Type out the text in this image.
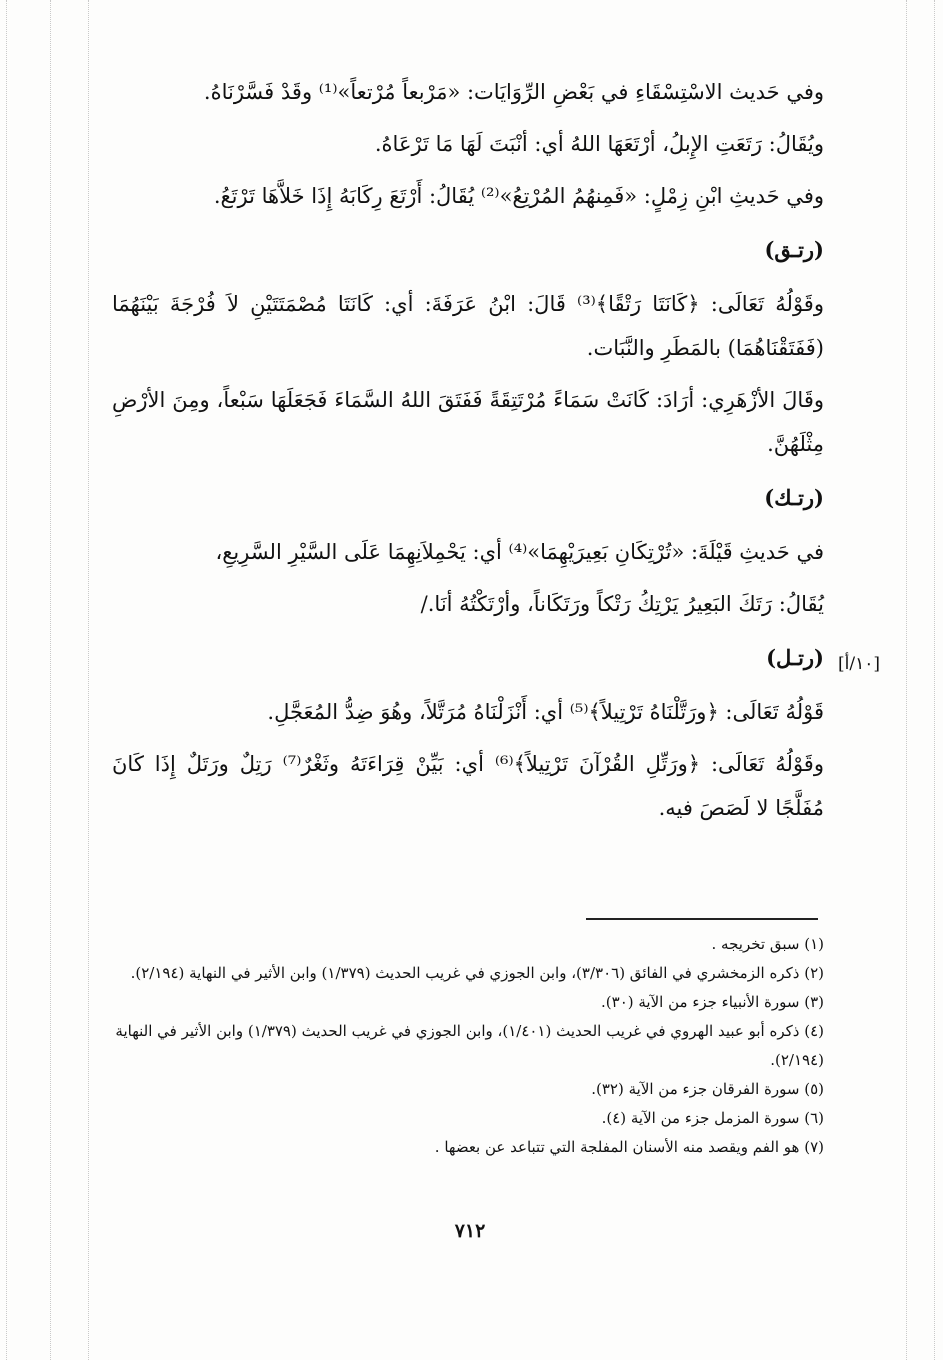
وفي حَديث الاسْتِسْقَاءِ في بَعْضِ الرِّوَايَات: «مَرْبعاً مُرْتعاً»⁽¹⁾ وقَدْ فَسَّرْنَاهُ.

ويُقَالُ: رَتَعَتِ الإِبلُ، أرْتَعَهَا اللهُ أي: أنْبَتَ لَهَا مَا تَرْعَاهُ.

وفي حَديثِ ابْنِ زِمْلٍ: «فَمِنهُمُ المُرْتِعُ»⁽²⁾ يُقَالُ: أَرْتَعَ رِكَابَهُ إِذَا خَلاَّهَا تَرْتَعُ.

(رتـق)

وقَوْلُهُ تَعَالَى: ﴿كَانَتَا رَتْقًا﴾⁽³⁾ قَالَ: ابْنُ عَرَفَةَ: أي: كَانَتَا مُصْمَتَتَيْنِ لاَ فُرْجَةَ بَيْنَهُمَا (فَفَتَقْنَاهُمَا) بالمَطَرِ والنَّبَات.

وقَالَ الأزْهَرِي: أرَادَ: كَانَتْ سَمَاءً مُرْتَتِقَةً فَفَتَقَ اللهُ السَّمَاءَ فَجَعَلَهَا سَبْعاً، ومِنَ الأرْضِ مِثْلَهُنَّ.

(رتـك)

في حَديثِ قَيْلَةَ: «تُرْتِكَانِ بَعِيرَيْهِمَا»⁽⁴⁾ أي: يَحْمِلاَنِهِمَا عَلَى السَّيْرِ السَّرِيعِ،

يُقَالُ: رَتَكَ البَعِيرُ يَرْتِكُ رَتْكاً ورَتَكَاناً، وأرْتَكْتُهُ أنَا./

(رتـل)

قَوْلُهُ تَعَالَى: ﴿ورَتَّلْنَاهُ تَرْتِيلاً﴾⁽⁵⁾ أي: أَنْزَلْنَاهُ مُرَتَّلاً، وهُوَ ضِدُّ المُعَجَّلِ.

وقَوْلُهُ تَعَالَى: ﴿ورَتِّلِ القُرْآنَ تَرْتِيلاً﴾⁽⁶⁾ أي: بَيِّنْ قِرَاءَتَهُ وثَغْرٌ⁽⁷⁾ رَتِلٌ ورَتَلٌ إِذَا كَانَ مُفَلَّجًا لا لَصَصَ فيه.

[١٠/أ]

(١) سبق تخريجه .

(٢) ذكره الزمخشري في الفائق (٣/٣٠٦)، وابن الجوزي في غريب الحديث (١/٣٧٩) وابن الأثير في النهاية (٢/١٩٤).

(٣) سورة الأنبياء جزء من الآية (٣٠).

(٤) ذكره أبو عبيد الهروي في غريب الحديث (١/٤٠١)، وابن الجوزي في غريب الحديث (١/٣٧٩) وابن الأثير في النهاية (٢/١٩٤).

(٥) سورة الفرقان جزء من الآية (٣٢).

(٦) سورة المزمل جزء من الآية (٤).

(٧) هو الفم ويقصد منه الأسنان المفلجة التي تتباعد عن بعضها .

٧١٢
